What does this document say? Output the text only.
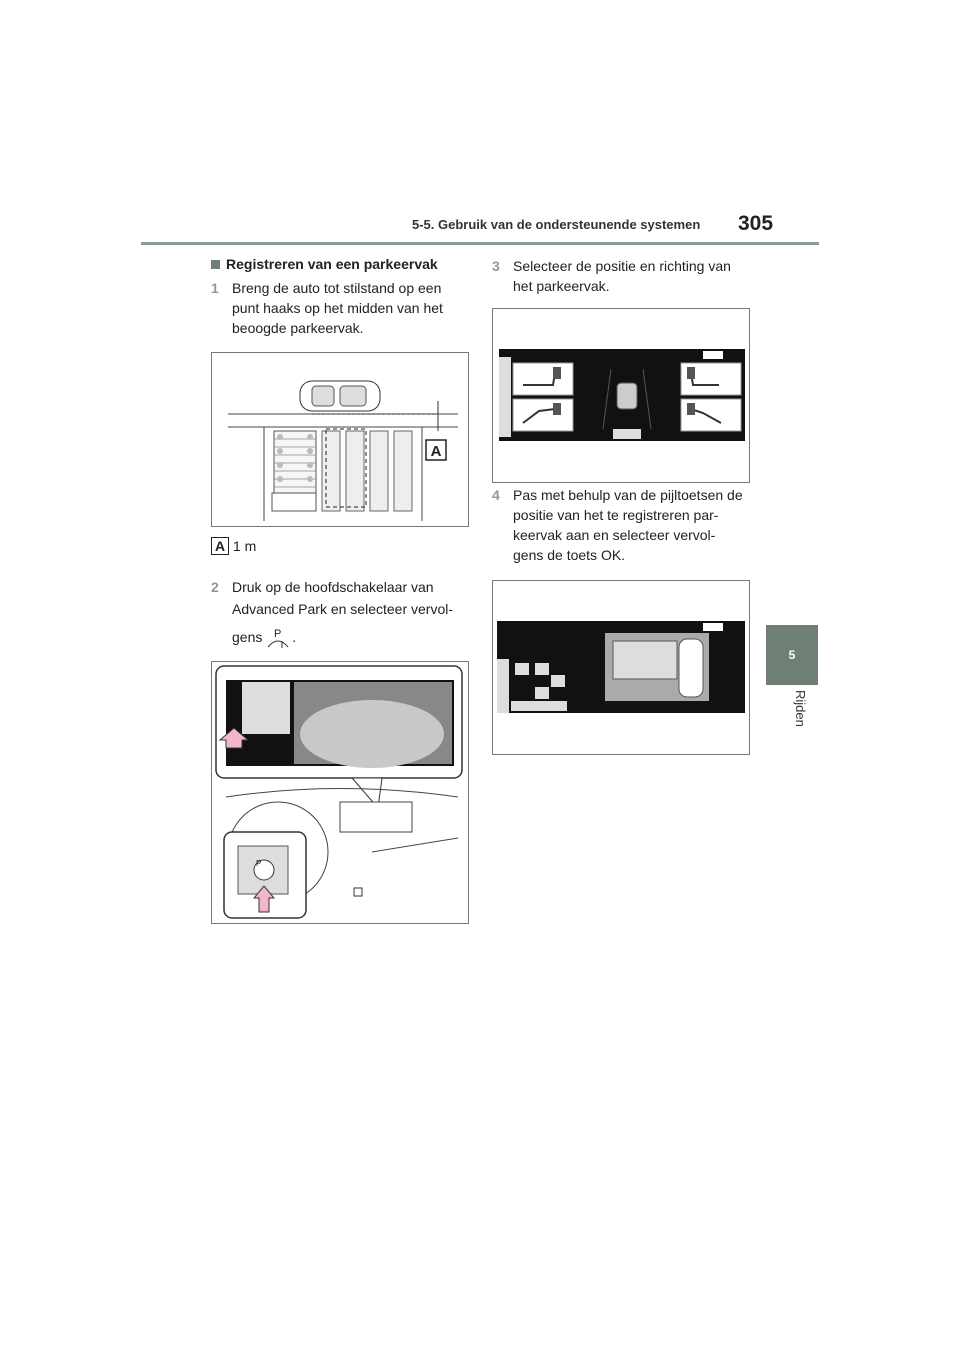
5-5. Gebruik van de ondersteunende systemen 305
5
Rijden
Registreren van een parkeervak
1 Breng de auto tot stilstand op een punt haaks op het midden van het beoogde parkeervak.
A
A 1 m
2 Druk op de hoofdschakelaar van
Advanced Park en selecteer vervol-
gens P .
P
3 Selecteer de positie en richting van het parkeervak.
4 Pas met behulp van de pijltoetsen de positie van het te registreren par-keervak aan en selecteer vervol-gens de toets OK.
